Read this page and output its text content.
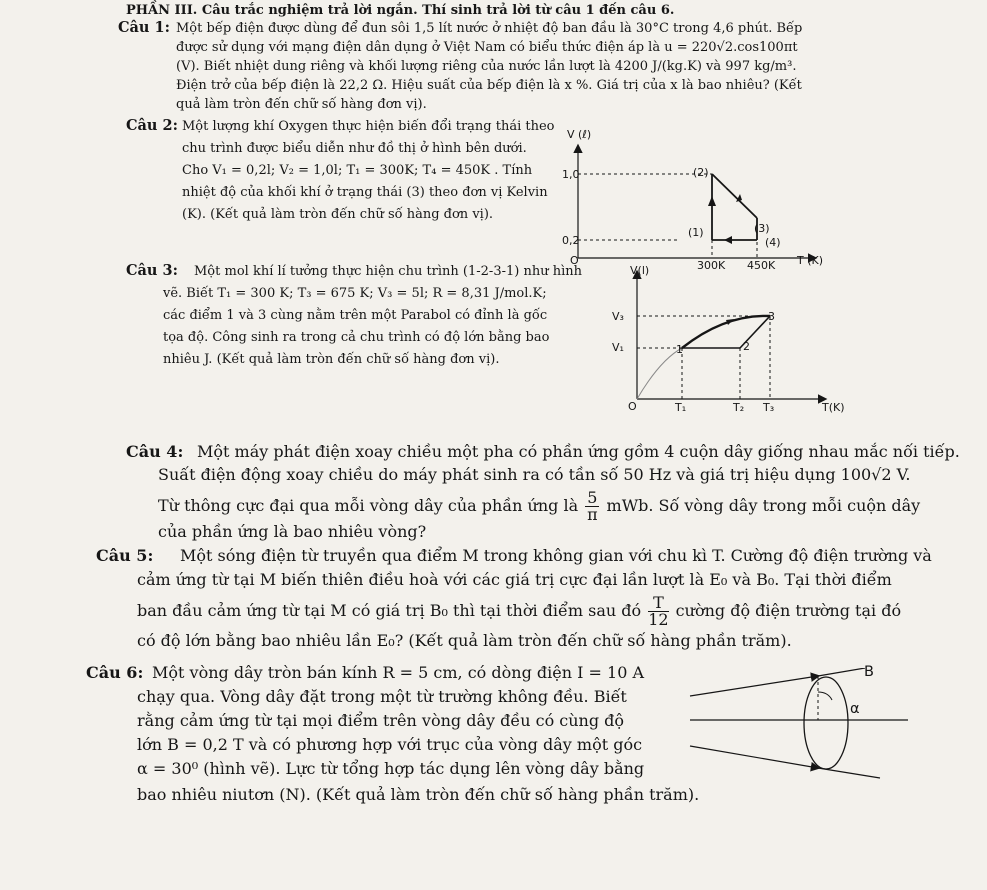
PHẦN III. Câu trắc nghiệm trả lời ngắn. Thí sinh trả lời từ câu 1 đến câu 6.
Câu 1: Một bếp điện được dùng để đun sôi 1,5 lít nước ở nhiệt độ ban đầu là 30°C trong 4,6 phút. Bếp
được sử dụng với mạng điện dân dụng ở Việt Nam có biểu thức điện áp là u = 220√2.cos100πt
(V). Biết nhiệt dung riêng và khối lượng riêng của nước lần lượt là 4200 J/(kg.K) và 997 kg/m³.
Điện trở của bếp điện là 22,2 Ω. Hiệu suất của bếp điện là x %. Giá trị của x là bao nhiêu? (Kết
quả làm tròn đến chữ số hàng đơn vị).
Câu 2: Một lượng khí Oxygen thực hiện biến đổi trạng thái theo
chu trình được biểu diễn như đồ thị ở hình bên dưới.
Cho V₁ = 0,2l; V₂ = 1,0l; T₁ = 300K; T₄ = 450K . Tính
nhiệt độ của khối khí ở trạng thái (3) theo đơn vị Kelvin
(K). (Kết quả làm tròn đến chữ số hàng đơn vị).
V (ℓ)
1,0
0,2
O	300K 450K T (K)
(1)
(2)
(3)
(4)
Câu 3: Một mol khí lí tưởng thực hiện chu trình (1-2-3-1) như hình
vẽ. Biết T₁ = 300 K; T₃ = 675 K; V₃ = 5l; R = 8,31 J/mol.K;
các điểm 1 và 3 cùng nằm trên một Parabol có đỉnh là gốc
tọa độ. Công sinh ra trong cả chu trình có độ lớn bằng bao
nhiêu J. (Kết quả làm tròn đến chữ số hàng đơn vị).
V(l)
V₃
V₁
O	T₁	T₂ T₃	T(K)
1	2
3
Câu 4: Một máy phát điện xoay chiều một pha có phần ứng gồm 4 cuộn dây giống nhau mắc nối tiếp.
Suất điện động xoay chiều do máy phát sinh ra có tần số 50 Hz và giá trị hiệu dụng 100√2 V.
Từ thông cực đại qua mỗi vòng dây của phần ứng là $\frac{5}{\pi}$ mWb. Số vòng dây trong mỗi cuộn dây
của phần ứng là bao nhiêu vòng?
Câu 5: Một sóng điện từ truyền qua điểm M trong không gian với chu kì T. Cường độ điện trường và
cảm ứng từ tại M biến thiên điều hoà với các giá trị cực đại lần lượt là E₀ và B₀. Tại thời điểm
ban đầu cảm ứng từ tại M có giá trị B₀ thì tại thời điểm sau đó $\frac{T}{12}$ cường độ điện trường tại đó
có độ lớn bằng bao nhiêu lần E₀? (Kết quả làm tròn đến chữ số hàng phần trăm).
Câu 6: Một vòng dây tròn bán kính R = 5 cm, có dòng điện I = 10 A
chạy qua. Vòng dây đặt trong một từ trường không đều. Biết
rằng cảm ứng từ tại mọi điểm trên vòng dây đều có cùng độ
lớn B = 0,2 T và có phương hợp với trục của vòng dây một góc
α = 30⁰ (hình vẽ). Lực từ tổng hợp tác dụng lên vòng dây bằng
bao nhiêu niutơn (N). (Kết quả làm tròn đến chữ số hàng phần trăm).
B
α
